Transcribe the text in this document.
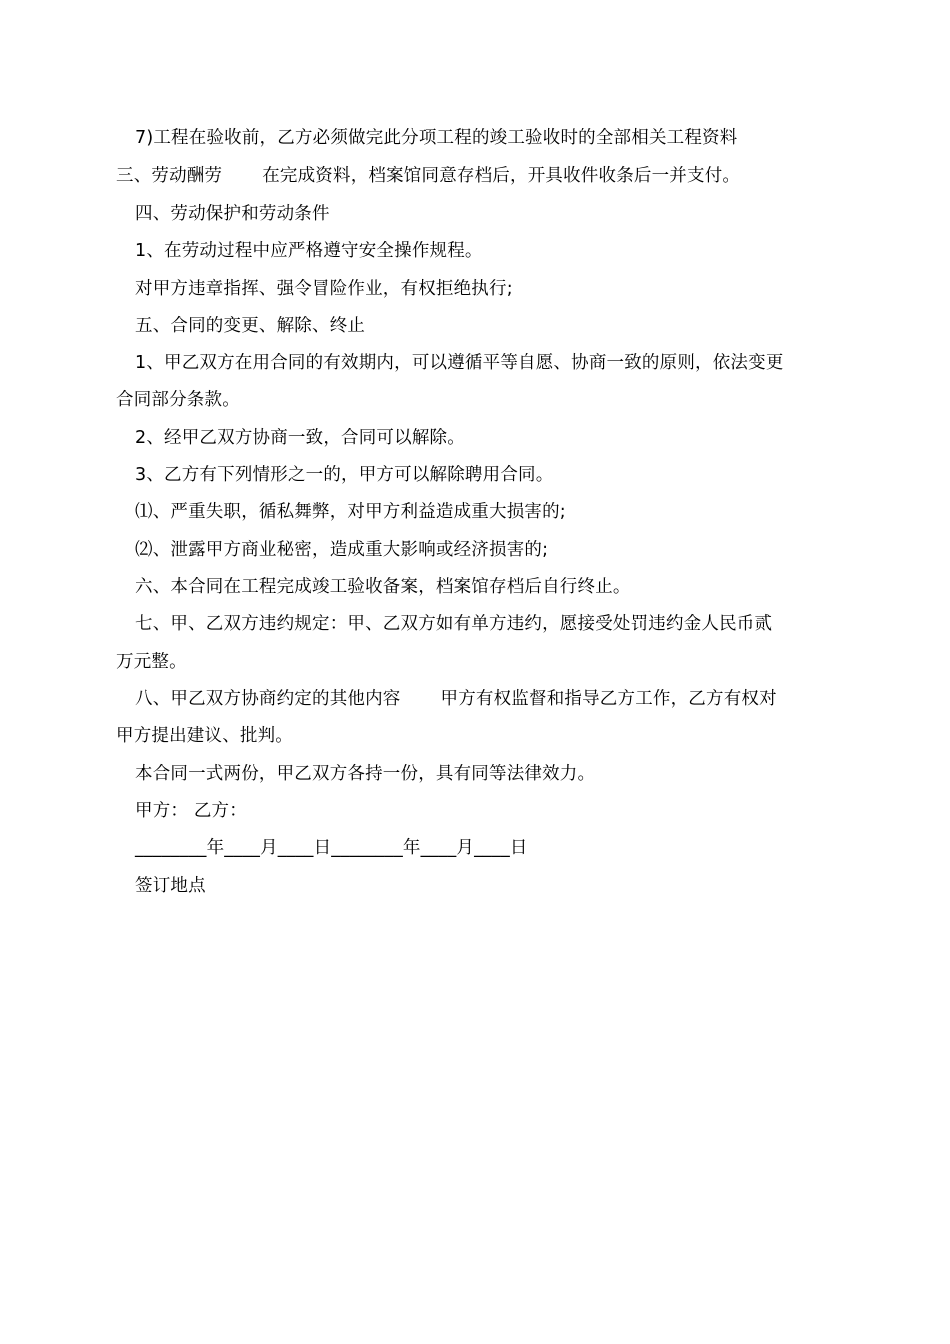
7)工程在验收前，乙方必须做完此分项工程的竣工验收时的全部相关工程资料
三、劳动酬劳 在完成资料，档案馆同意存档后，开具收件收条后一并支付。
四、劳动保护和劳动条件
1、在劳动过程中应严格遵守安全操作规程。
对甲方违章指挥、强令冒险作业，有权拒绝执行;
五、合同的变更、解除、终止
1、甲乙双方在用合同的有效期内，可以遵循平等自愿、协商一致的原则，依法变更
合同部分条款。
2、经甲乙双方协商一致，合同可以解除。
3、乙方有下列情形之一的，甲方可以解除聘用合同。
⑴、严重失职，循私舞弊，对甲方利益造成重大损害的;
⑵、泄露甲方商业秘密，造成重大影响或经济损害的;
六、本合同在工程完成竣工验收备案，档案馆存档后自行终止。
七、甲、乙双方违约规定：甲、乙双方如有单方违约，愿接受处罚违约金人民币贰
万元整。
八、甲乙双方协商约定的其他内容 甲方有权监督和指导乙方工作，乙方有权对
甲方提出建议、批判。
本合同一式两份，甲乙双方各持一份，具有同等法律效力。
甲方： 乙方：
________年____月____日________年____月____日
签订地点
